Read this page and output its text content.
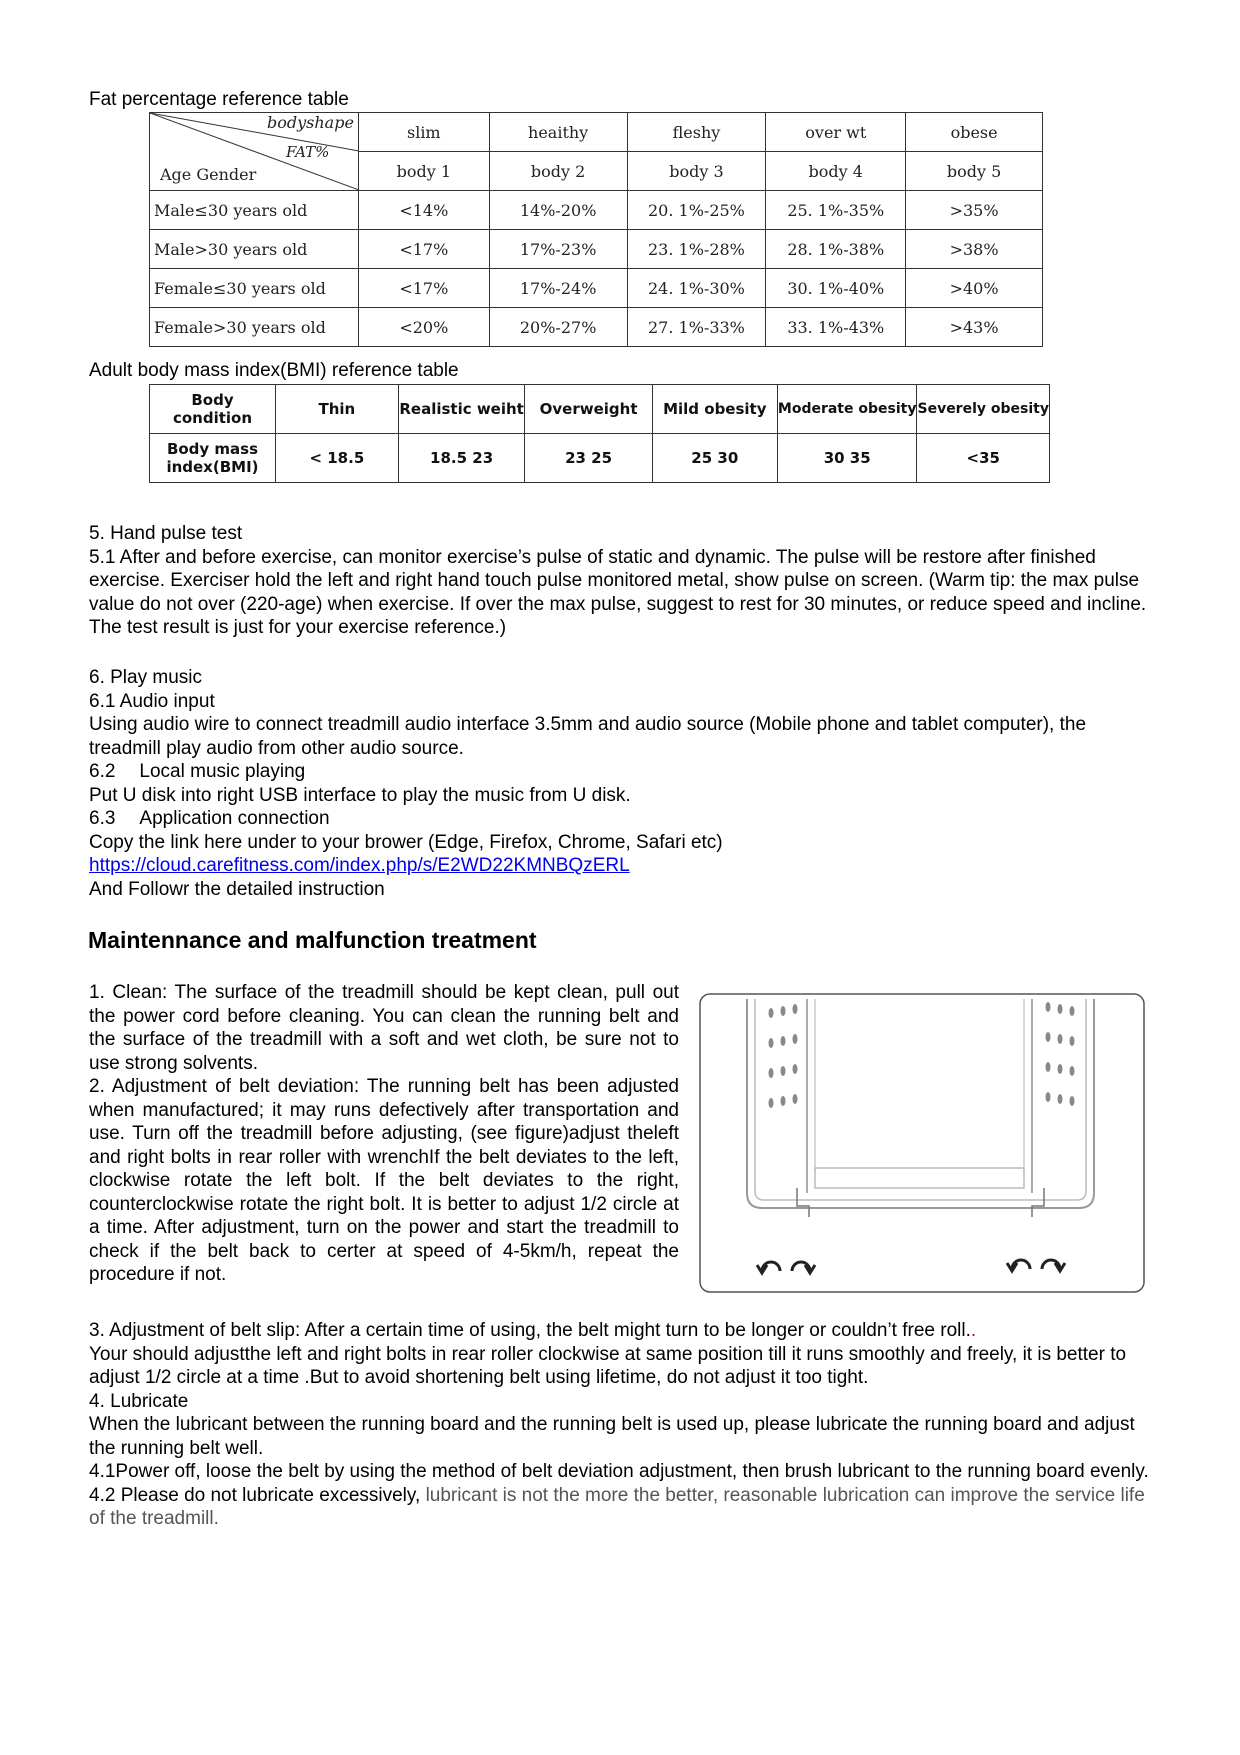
Fat percentage reference table
bodyshape
FAT%
Age Gender	slim	heaithy	fleshy	over wt	obese
	body 1	body 2	body 3	body 4	body 5
Male≤30 years old	<14%	14%-20%	20. 1%-25%	25. 1%-35%	>35%
Male>30 years old	<17%	17%-23%	23. 1%-28%	28. 1%-38%	>38%
Female≤30 years old	<17%	17%-24%	24. 1%-30%	30. 1%-40%	>40%
Female>30 years old	<20%	20%-27%	27. 1%-33%	33. 1%-43%	>43%
Adult body mass index(BMI) reference table
Body condition	Thin	Realistic weiht	Overweight	Mild obesity	Moderate obesity	Severely obesity
Body mass
index(BMI)	< 18.5	18.5 23	23 25	25 30	30 35	<35
5. Hand pulse test
5.1 After and before exercise, can monitor exercise’s pulse of static and dynamic. The pulse will be restore after finished exercise. Exerciser hold the left and right hand touch pulse monitored metal, show pulse on screen. (Warm tip: the max pulse value do not over (220-age) when exercise. If over the max pulse, suggest to rest for 30 minutes, or reduce speed and incline. The test result is just for your exercise reference.)
6. Play music
6.1 Audio input
Using audio wire to connect treadmill audio interface 3.5mm and audio source (Mobile phone and tablet computer), the treadmill play audio from other audio source.
6.2 Local music playing
Put U disk into right USB interface to play the music from U disk.
6.3 Application connection
Copy the link here under to your brower (Edge, Firefox, Chrome, Safari etc)
https://cloud.carefitness.com/index.php/s/E2WD22KMNBQzERL
And Followr the detailed instruction
Maintennance and malfunction treatment
1. Clean: The surface of the treadmill should be kept clean, pull out the power cord before cleaning. You can clean the running belt and the surface of the treadmill with a soft and wet cloth, be sure not to use strong solvents.
2. Adjustment of belt deviation: The running belt has been adjusted when manufactured; it may runs defectively after transportation and use. Turn off the treadmill before adjusting, (see figure)adjust theleft and right bolts in rear roller with wrenchIf the belt deviates to the left, clockwise rotate the left bolt. If the belt deviates to the right, counterclockwise rotate the right bolt. It is better to adjust 1/2 circle at a time. After adjustment, turn on the power and start the treadmill to check if the belt back to certer at speed of 4-5km/h, repeat the procedure if not.
3. Adjustment of belt slip: After a certain time of using, the belt might turn to be longer or couldn’t free roll..
Your should adjustthe left and right bolts in rear roller clockwise at same position till it runs smoothly and freely, it is better to adjust 1/2 circle at a time .But to avoid shortening belt using lifetime, do not adjust it too tight.
4. Lubricate
When the lubricant between the running board and the running belt is used up, please lubricate the running board and adjust the running belt well.
4.1Power off, loose the belt by using the method of belt deviation adjustment, then brush lubricant to the running board evenly.
4.2 Please do not lubricate excessively, lubricant is not the more the better, reasonable lubrication can improve the service life of the treadmill.
